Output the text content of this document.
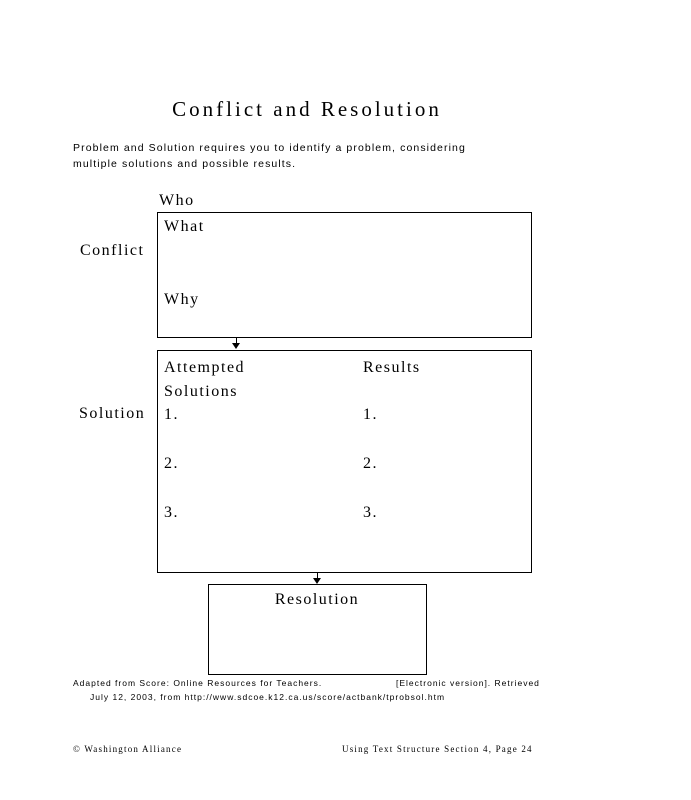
Conflict and Resolution
Problem and Solution requires you to identify a problem, considering multiple solutions and possible results.
Who
What
Why
Conflict
Attempted
Solutions
Results
1.
2.
3.
1.
2.
3.
Solution
Resolution
Adapted from Score: Online Resources for Teachers.	[Electronic version]. Retrieved
July 12, 2003, from http://www.sdcoe.k12.ca.us/score/actbank/tprobsol.htm
© Washington Alliance	Using Text Structure Section 4, Page 24
